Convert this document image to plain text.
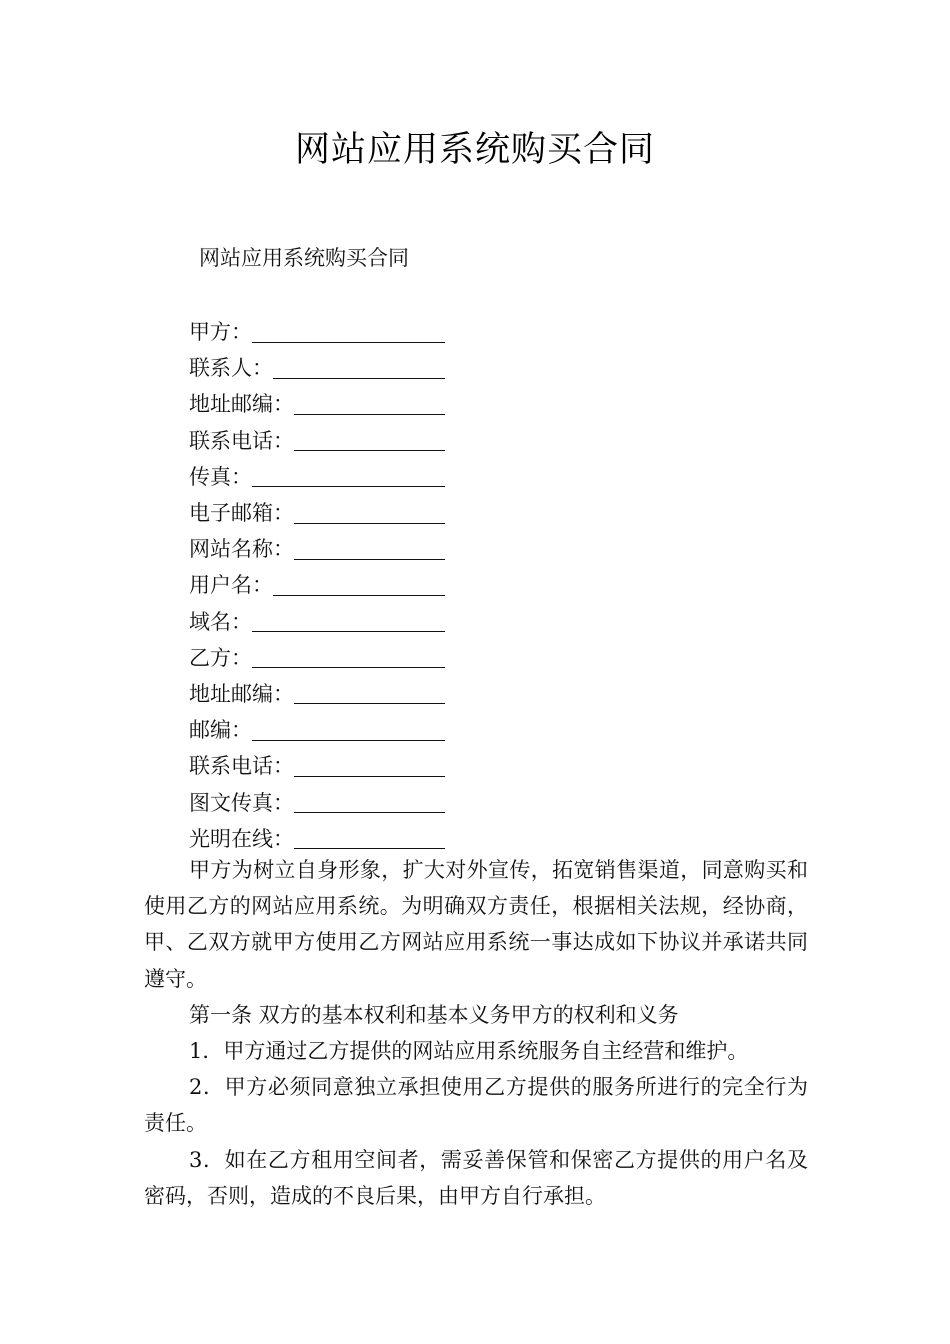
网站应用系统购买合同
网站应用系统购买合同
甲方：
联系人：
地址邮编：
联系电话：
传真：
电子邮箱：
网站名称：
用户名：
域名：
乙方：
地址邮编：
邮编：
联系电话：
图文传真：
光明在线：

甲方为树立自身形象，扩大对外宣传，拓宽销售渠道，同意购买和使用乙方的网站应用系统。为明确双方责任，根据相关法规，经协商，甲、乙双方就甲方使用乙方网站应用系统一事达成如下协议并承诺共同遵守。

第一条 双方的基本权利和基本义务甲方的权利和义务

1．甲方通过乙方提供的网站应用系统服务自主经营和维护。

2．甲方必须同意独立承担使用乙方提供的服务所进行的完全行为责任。

3．如在乙方租用空间者，需妥善保管和保密乙方提供的用户名及密码，否则，造成的不良后果，由甲方自行承担。
